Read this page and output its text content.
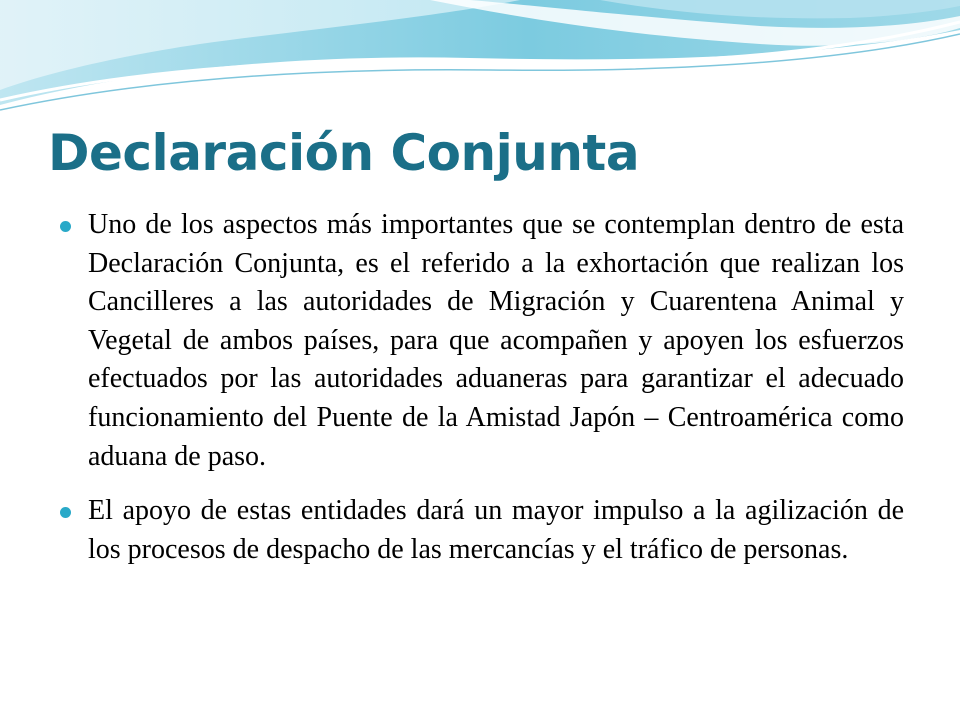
Declaración Conjunta
Uno de los aspectos más importantes que se contemplan dentro de esta Declaración Conjunta, es el referido a la exhortación que realizan los Cancilleres a las autoridades de Migración y Cuarentena Animal y Vegetal de ambos países, para que acompañen y apoyen los esfuerzos efectuados por las autoridades aduaneras para garantizar el adecuado funcionamiento del Puente de la Amistad Japón – Centroamérica como aduana de paso.
El apoyo de estas entidades dará un mayor impulso a la agilización de los procesos de despacho de las mercancías y el tráfico de personas.
